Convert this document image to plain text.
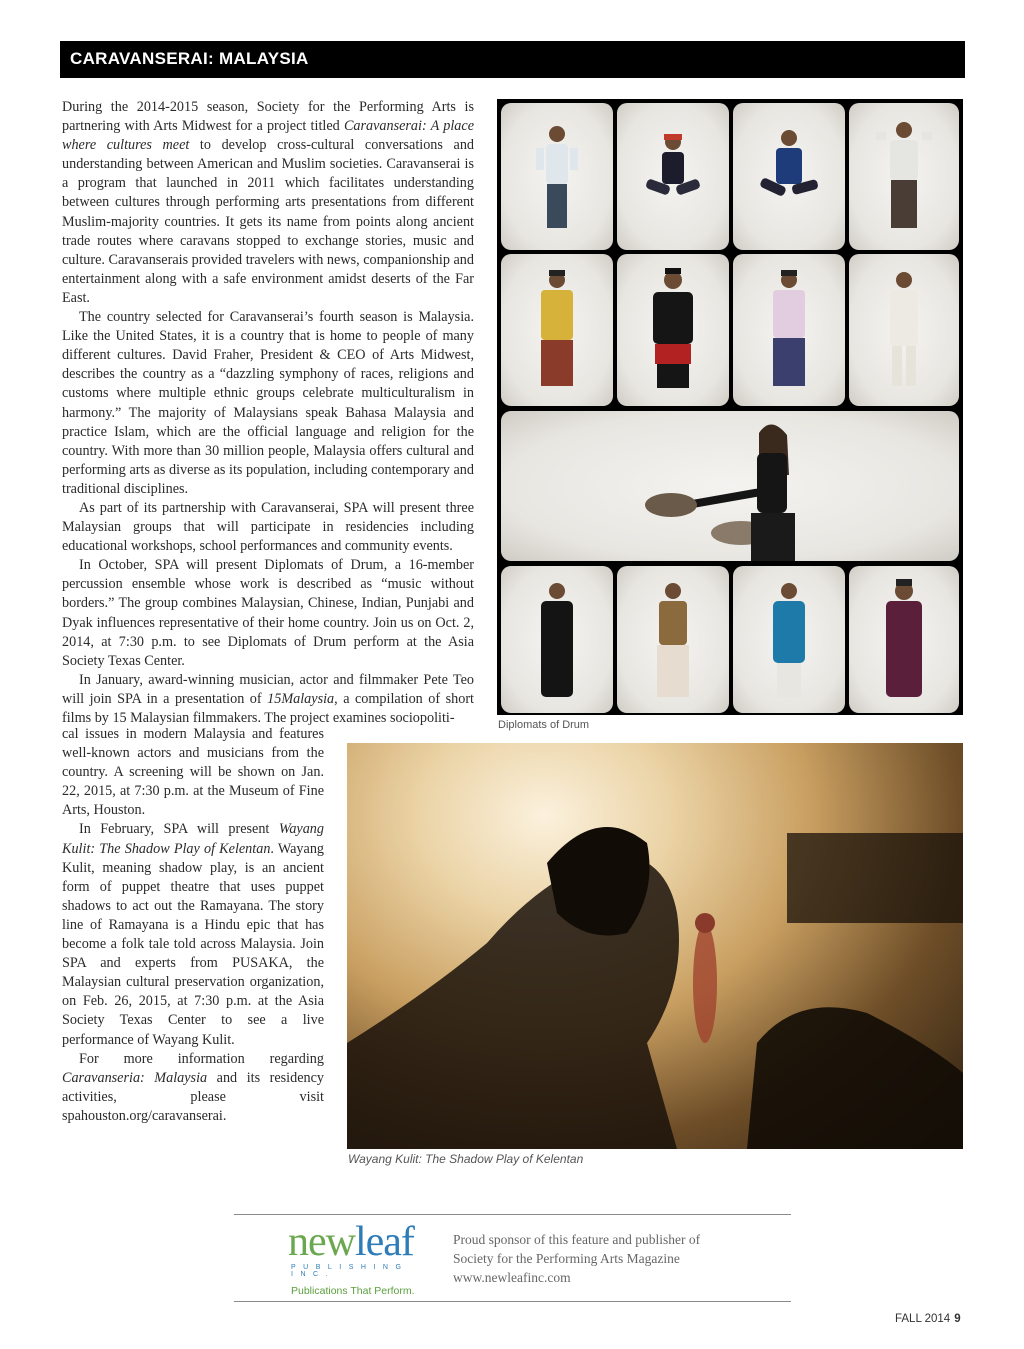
CARAVANSERAI: MALAYSIA

During the 2014-2015 season, Society for the Performing Arts is partnering with Arts Midwest for a project titled Caravanserai: A place where cultures meet to develop cross-cultural conversations and understanding between American and Muslim societies. Caravanserai is a program that launched in 2011 which facilitates understanding between cultures through performing arts presentations from different Muslim-majority countries. It gets its name from points along ancient trade routes where caravans stopped to exchange stories, music and culture. Caravanserais provided travelers with news, companionship and entertainment along with a safe environment amidst deserts of the Far East.

The country selected for Caravanserai’s fourth season is Malaysia. Like the United States, it is a country that is home to people of many different cultures. David Fraher, President & CEO of Arts Midwest, describes the country as a “dazzling symphony of races, religions and customs where multiple ethnic groups celebrate multiculturalism in harmony.” The majority of Malaysians speak Bahasa Malaysia and practice Islam, which are the official language and religion for the country. With more than 30 million people, Malaysia offers cultural and performing arts as diverse as its population, including contemporary and traditional disciplines.

As part of its partnership with Caravanserai, SPA will present three Malaysian groups that will participate in residencies including educational workshops, school performances and community events.

In October, SPA will present Diplomats of Drum, a 16-member percussion ensemble whose work is described as “music without borders.” The group combines Malaysian, Chinese, Indian, Punjabi and Dyak influences representative of their home country. Join us on Oct. 2, 2014, at 7:30 p.m. to see Diplomats of Drum perform at the Asia Society Texas Center.

In January, award-winning musician, actor and filmmaker Pete Teo will join SPA in a presentation of 15Malaysia, a compilation of short films by 15 Malaysian filmmakers. The project examines sociopoliti-

cal issues in modern Malaysia and features well-known actors and musicians from the country. A screening will be shown on Jan. 22, 2015, at 7:30 p.m. at the Museum of Fine Arts, Houston.

In February, SPA will present Wayang Kulit: The Shadow Play of Kelentan. Wayang Kulit, meaning shadow play, is an ancient form of puppet theatre that uses puppet shadows to act out the Ramayana. The story line of Ramayana is a Hindu epic that has become a folk tale told across Malaysia. Join SPA and experts from PUSAKA, the Malaysian cultural preservation organization, on Feb. 26, 2015, at 7:30 p.m. at the Asia Society Texas Center to see a live performance of Wayang Kulit.

For more information regarding Caravanseria: Malaysia and its residency activities, please visit spahouston.org/caravanserai.

Diplomats of Drum
Wayang Kulit: The Shadow Play of Kelentan
newleaf
PUBLISHING INC.
Publications That Perform.
Proud sponsor of this feature and publisher of
Society for the Performing Arts Magazine
www.newleafinc.com
FALL 2014 9
